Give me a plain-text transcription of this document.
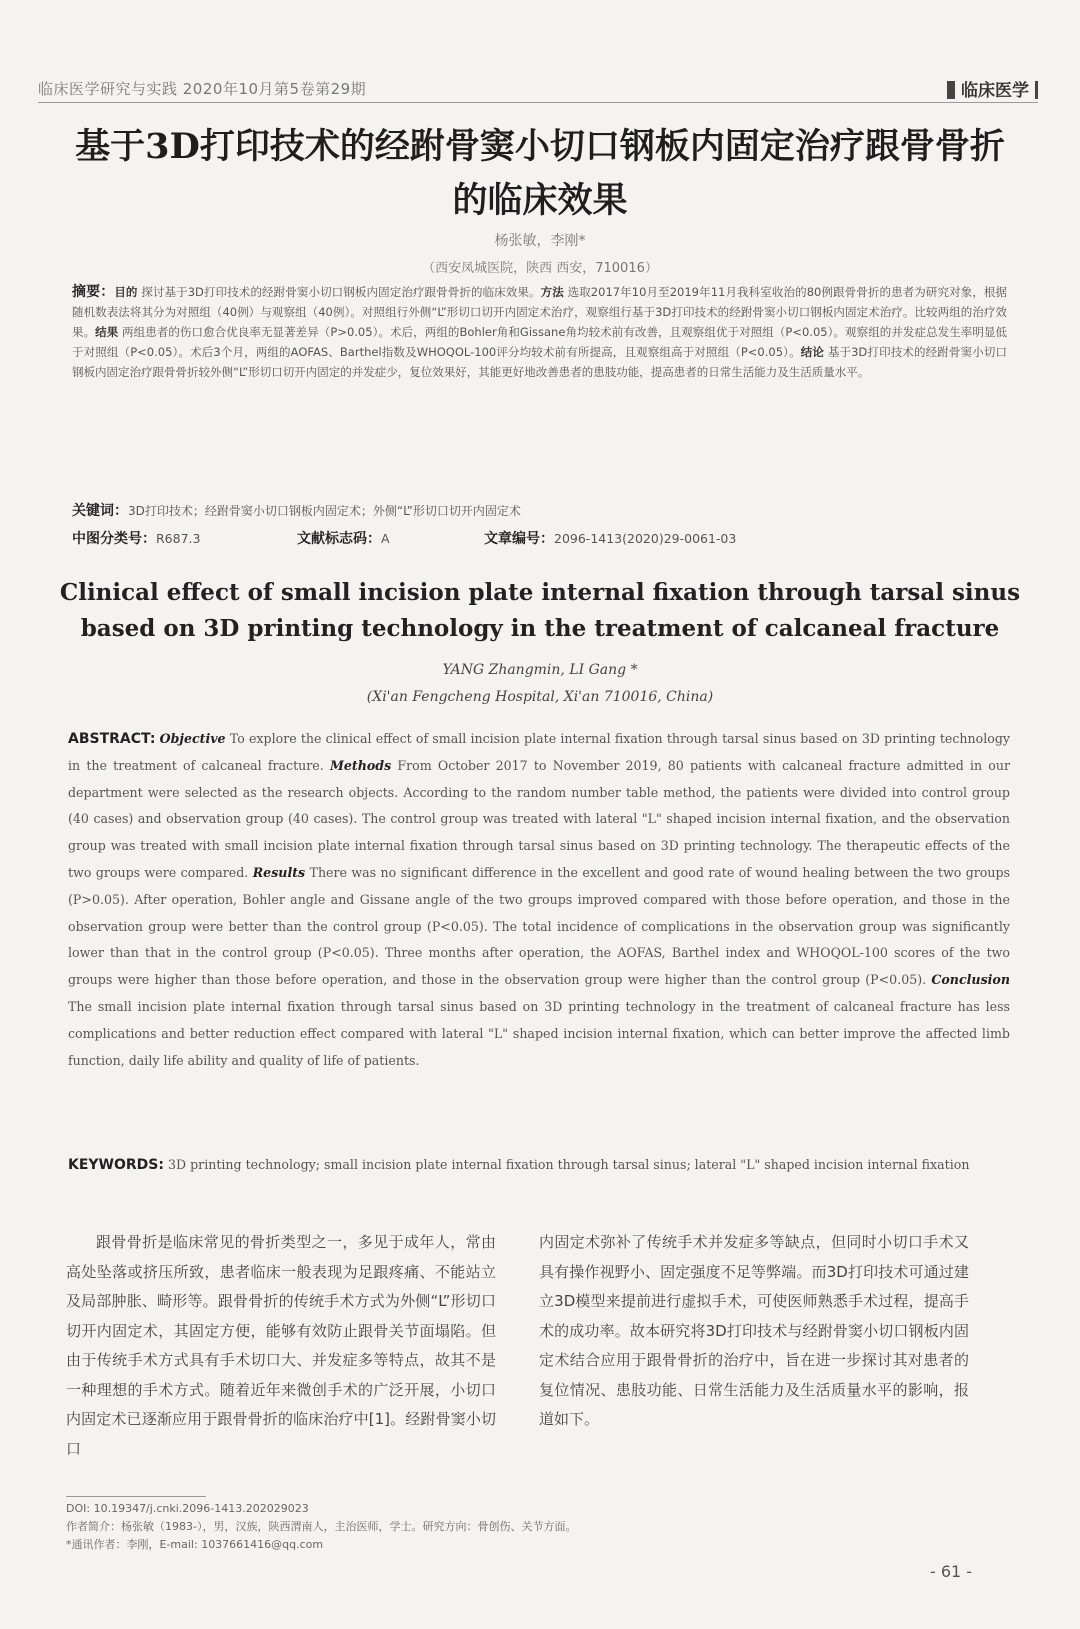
临床医学研究与实践 2020年10月第5卷第29期	临床医学
基于3D打印技术的经跗骨窦小切口钢板内固定治疗跟骨骨折的临床效果
杨张敏，李刚*
（西安凤城医院，陕西 西安，710016）
摘要：目的 探讨基于3D打印技术的经跗骨窦小切口钢板内固定治疗跟骨骨折的临床效果。方法 选取2017年10月至2019年11月我科室收治的80例跟骨骨折的患者为研究对象，根据随机数表法将其分为对照组（40例）与观察组（40例）。对照组行外侧“L”形切口切开内固定术治疗，观察组行基于3D打印技术的经跗骨窦小切口钢板内固定术治疗。比较两组的治疗效果。结果 两组患者的伤口愈合优良率无显著差异（P>0.05）。术后，两组的Bohler角和Gissane角均较术前有改善，且观察组优于对照组（P<0.05）。观察组的并发症总发生率明显低于对照组（P<0.05）。术后3个月，两组的AOFAS、Barthel指数及WHOQOL-100评分均较术前有所提高，且观察组高于对照组（P<0.05）。结论 基于3D打印技术的经跗骨窦小切口钢板内固定治疗跟骨骨折较外侧“L”形切口切开内固定的并发症少，复位效果好，其能更好地改善患者的患肢功能，提高患者的日常生活能力及生活质量水平。
关键词：3D打印技术；经跗骨窦小切口钢板内固定术；外侧“L”形切口切开内固定术
中图分类号：R687.3	文献标志码：A	文章编号：2096-1413(2020)29-0061-03
Clinical effect of small incision plate internal fixation through tarsal sinus based on 3D printing technology in the treatment of calcaneal fracture
YANG Zhangmin, LI Gang *
(Xi'an Fengcheng Hospital, Xi'an 710016, China)
ABSTRACT: Objective To explore the clinical effect of small incision plate internal fixation through tarsal sinus based on 3D printing technology in the treatment of calcaneal fracture. Methods From October 2017 to November 2019, 80 patients with calcaneal fracture admitted in our department were selected as the research objects. According to the random number table method, the patients were divided into control group (40 cases) and observation group (40 cases). The control group was treated with lateral "L" shaped incision internal fixation, and the observation group was treated with small incision plate internal fixation through tarsal sinus based on 3D printing technology. The therapeutic effects of the two groups were compared. Results There was no significant difference in the excellent and good rate of wound healing between the two groups (P>0.05). After operation, Bohler angle and Gissane angle of the two groups improved compared with those before operation, and those in the observation group were better than the control group (P<0.05). The total incidence of complications in the observation group was significantly lower than that in the control group (P<0.05). Three months after operation, the AOFAS, Barthel index and WHOQOL-100 scores of the two groups were higher than those before operation, and those in the observation group were higher than the control group (P<0.05). Conclusion The small incision plate internal fixation through tarsal sinus based on 3D printing technology in the treatment of calcaneal fracture has less complications and better reduction effect compared with lateral "L" shaped incision internal fixation, which can better improve the affected limb function, daily life ability and quality of life of patients.
KEYWORDS: 3D printing technology; small incision plate internal fixation through tarsal sinus; lateral "L" shaped incision internal fixation
跟骨骨折是临床常见的骨折类型之一，多见于成年人，常由高处坠落或挤压所致，患者临床一般表现为足跟疼痛、不能站立及局部肿胀、畸形等。跟骨骨折的传统手术方式为外侧“L”形切口切开内固定术，其固定方便，能够有效防止跟骨关节面塌陷。但由于传统手术方式具有手术切口大、并发症多等特点，故其不是一种理想的手术方式。随着近年来微创手术的广泛开展，小切口内固定术已逐渐应用于跟骨骨折的临床治疗中[1]。经跗骨窦小切口
内固定术弥补了传统手术并发症多等缺点，但同时小切口手术又具有操作视野小、固定强度不足等弊端。而3D打印技术可通过建立3D模型来提前进行虚拟手术，可使医师熟悉手术过程，提高手术的成功率。故本研究将3D打印技术与经跗骨窦小切口钢板内固定术结合应用于跟骨骨折的治疗中，旨在进一步探讨其对患者的复位情况、患肢功能、日常生活能力及生活质量水平的影响，报道如下。
DOI: 10.19347/j.cnki.2096-1413.202029023
作者简介：杨张敏（1983-），男，汉族，陕西渭南人，主治医师，学士。研究方向：骨创伤、关节方面。
*通讯作者：李刚，E-mail: 1037661416@qq.com
- 61 -
